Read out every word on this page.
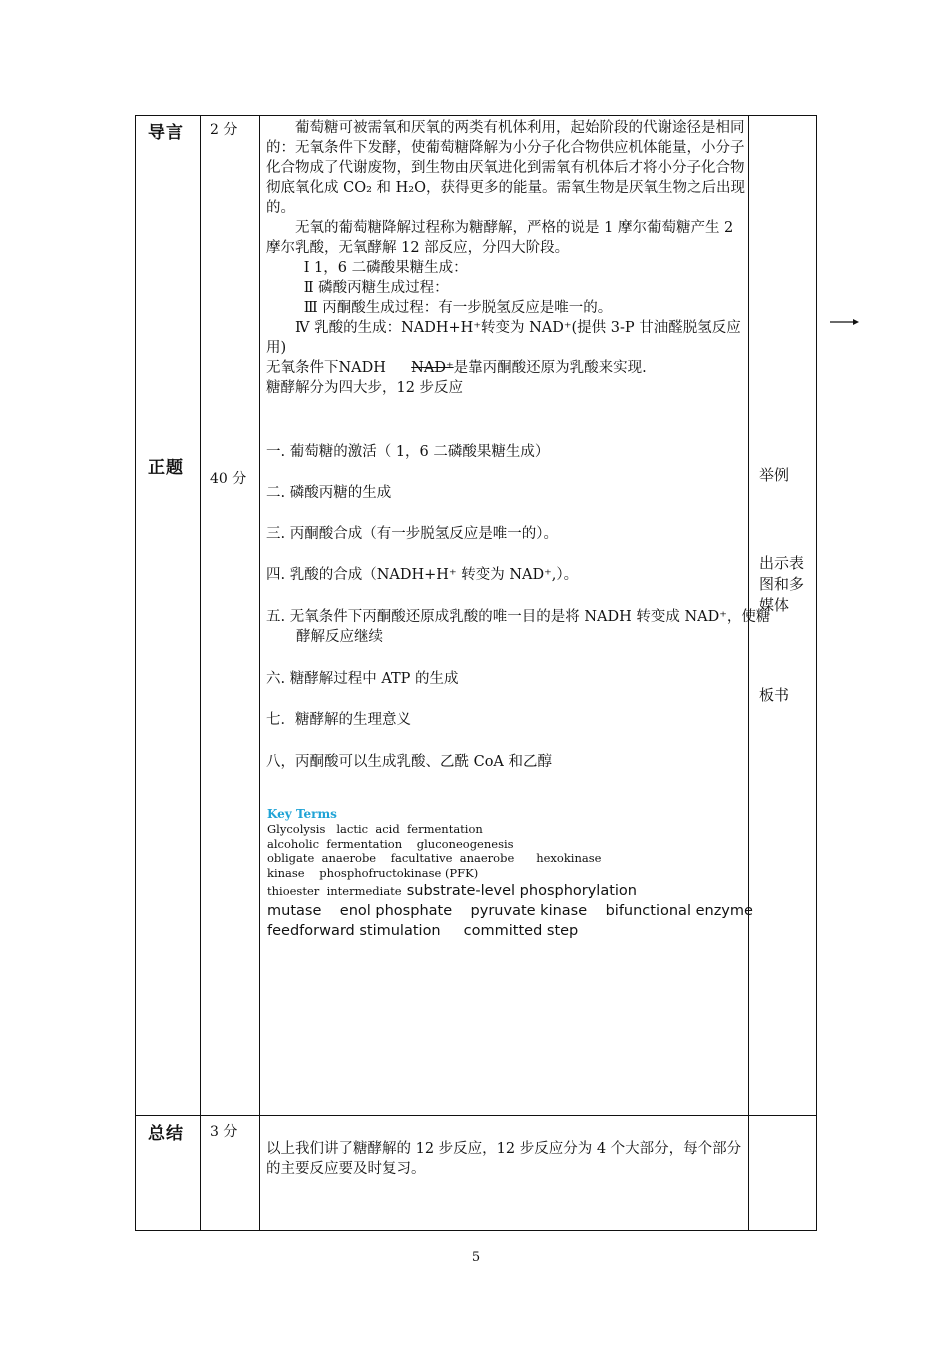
导言
正题
总结
2 分
40 分
3 分

葡萄糖可被需氧和厌氧的两类有机体利用，起始阶段的代谢途径是相同的：无氧条件下发酵，使葡萄糖降解为小分子化合物供应机体能量，小分子化合物成了代谢废物，到生物由厌氧进化到需氧有机体后才将小分子化合物彻底氧化成 CO₂ 和 H₂O，获得更多的能量。需氧生物是厌氧生物之后出现的。

无氧的葡萄糖降解过程称为糖酵解，严格的说是 1 摩尔葡萄糖产生 2 摩尔乳酸，无氧酵解 12 部反应，分四大阶段。

Ⅰ 1，6 二磷酸果糖生成：

Ⅱ 磷酸丙糖生成过程：

Ⅲ 丙酮酸生成过程：有一步脱氢反应是唯一的。

Ⅳ 乳酸的生成：NADH+H⁺转变为 NAD⁺(提供 3-P 甘油醛脱氢反应用)

无氧条件下NADH NAD⁺是靠丙酮酸还原为乳酸来实现.

糖酵解分为四大步，12 步反应

一. 葡萄糖的激活（ 1，6 二磷酸果糖生成）
二. 磷酸丙糖的生成
三. 丙酮酸合成（有一步脱氢反应是唯一的）。
四. 乳酸的合成（NADH+H⁺ 转变为 NAD⁺,）。
五. 无氧条件下丙酮酸还原成乳酸的唯一目的是将 NADH 转变成 NAD⁺，使糖酵解反应继续
六. 糖酵解过程中 ATP 的生成
七．糖酵解的生理意义
八，丙酮酸可以生成乳酸、乙酰 CoA 和乙醇
Key Terms
Glycolysis   lactic  acid  fermentation
alcoholic  fermentation    gluconeogenesis
obligate  anaerobe    facultative  anaerobe      hexokinase
kinase    phosphofructokinase (PFK)
thioester  intermediate substrate-level phosphorylation
mutase    enol phosphate    pyruvate kinase    bifunctional enzyme
feedforward stimulation     committed step
举例
出示表
图和多
媒体
板书
以上我们讲了糖酵解的 12 步反应，12 步反应分为 4 个大部分，每个部分的主要反应要及时复习。
5
